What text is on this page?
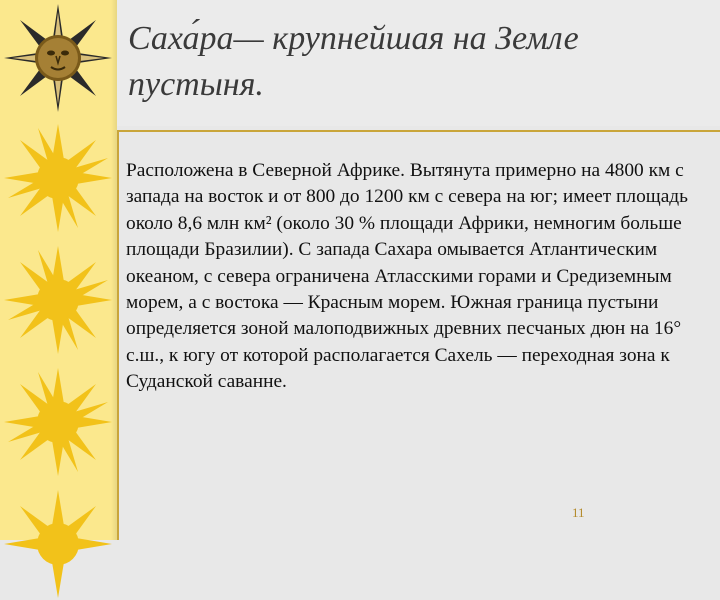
Саха́ра— крупнейшая на Земле пустыня.

Расположена в Северной Африке. Вытянута примерно на 4800 км с запада на восток и от 800 до 1200 км с севера на юг; имеет площадь около 8,6 млн км² (около 30 % площади Африки, немногим больше площади Бразилии). С запада Сахара омывается Атлантическим океаном, с севера ограничена Атласскими горами и Средиземным морем, а с востока — Красным морем. Южная граница пустыни определяется зоной малоподвижных древних песчаных дюн на 16° с.ш., к югу от которой располагается Сахель — переходная зона к Суданской саванне.

11
